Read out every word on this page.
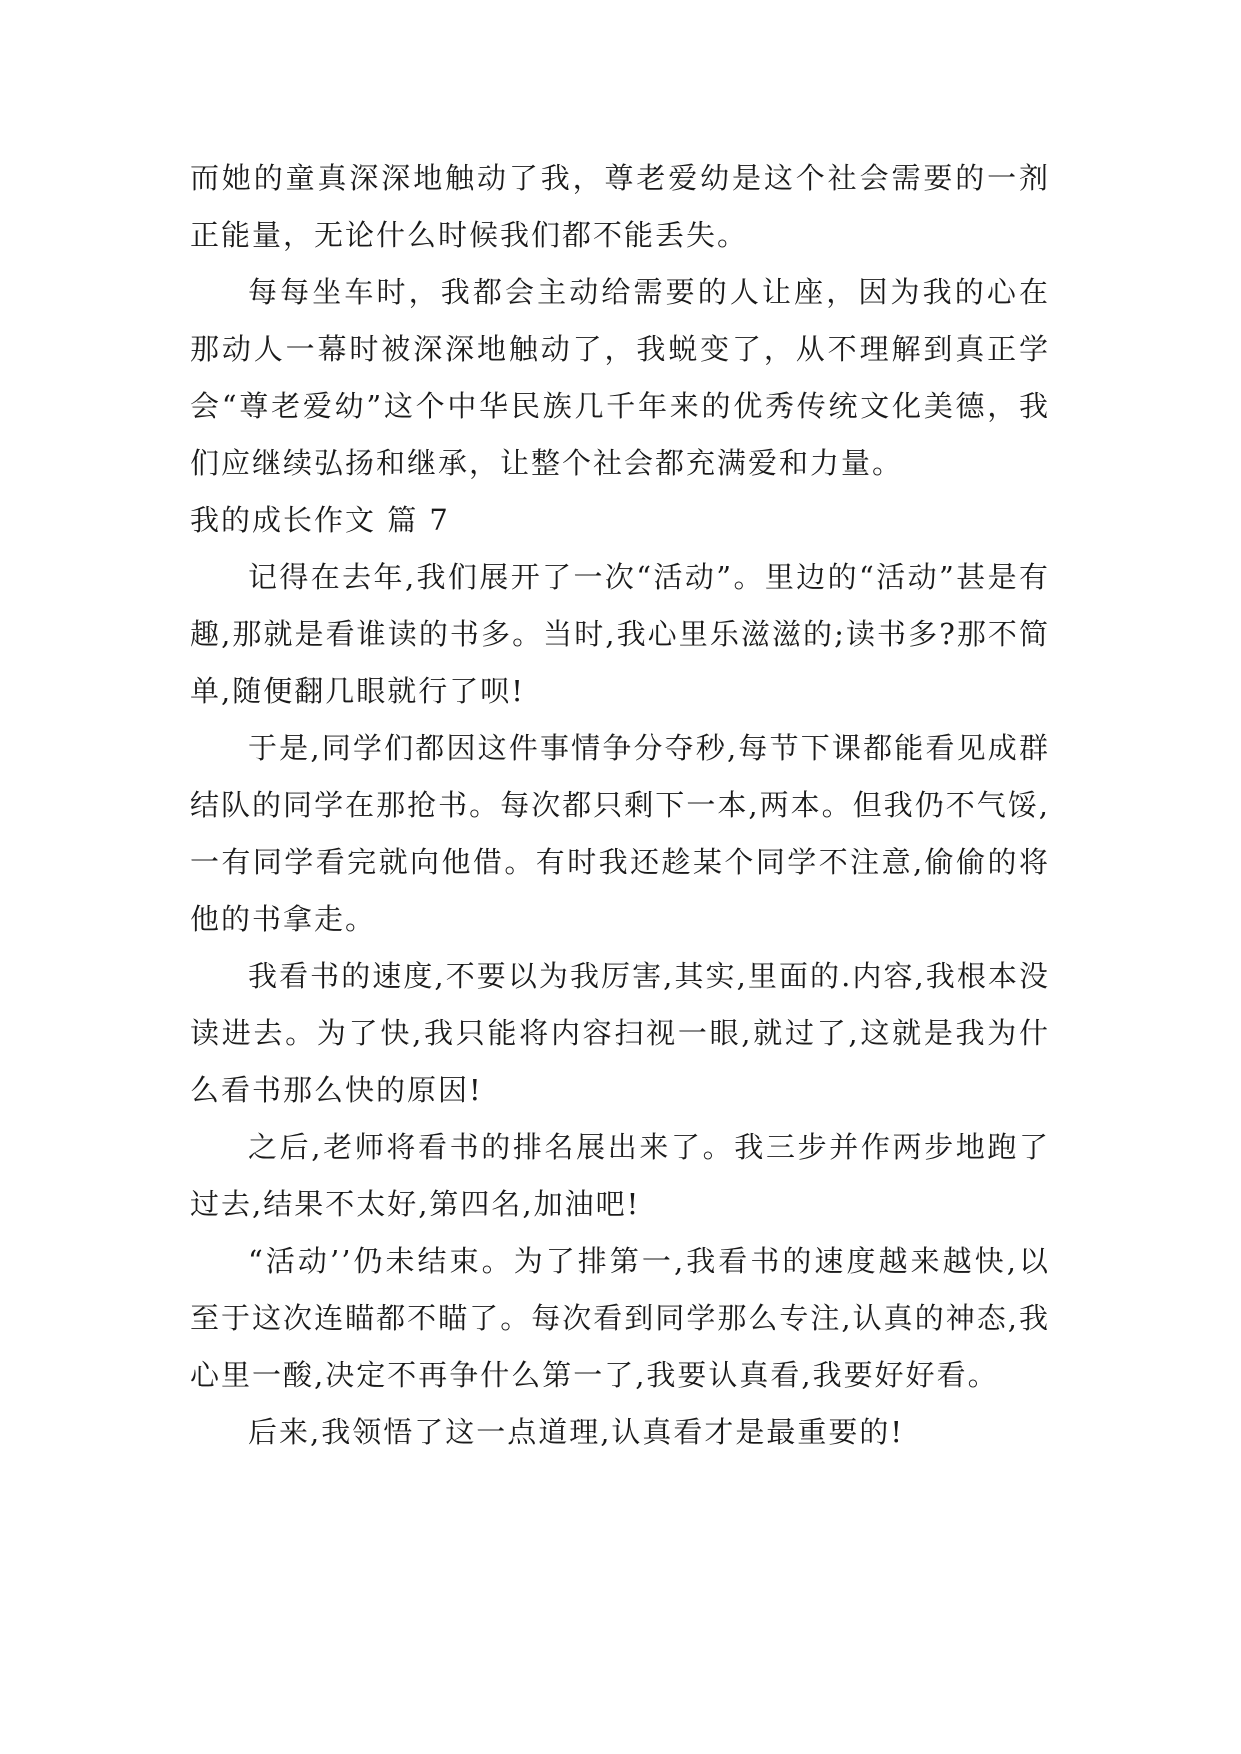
而她的童真深深地触动了我，尊老爱幼是这个社会需要的一剂正能量，无论什么时候我们都不能丢失。

每每坐车时，我都会主动给需要的人让座，因为我的心在那动人一幕时被深深地触动了，我蜕变了，从不理解到真正学会“尊老爱幼”这个中华民族几千年来的优秀传统文化美德，我们应继续弘扬和继承，让整个社会都充满爱和力量。

我的成长作文 篇 7

记得在去年,我们展开了一次“活动”。里边的“活动”甚是有趣,那就是看谁读的书多。当时,我心里乐滋滋的;读书多?那不简单,随便翻几眼就行了呗!

于是,同学们都因这件事情争分夺秒,每节下课都能看见成群结队的同学在那抢书。每次都只剩下一本,两本。但我仍不气馁,一有同学看完就向他借。有时我还趁某个同学不注意,偷偷的将他的书拿走。

我看书的速度,不要以为我厉害,其实,里面的.内容,我根本没读进去。为了快,我只能将内容扫视一眼,就过了,这就是我为什么看书那么快的原因!

之后,老师将看书的排名展出来了。我三步并作两步地跑了过去,结果不太好,第四名,加油吧!

“活动’’仍未结束。为了排第一,我看书的速度越来越快,以至于这次连瞄都不瞄了。每次看到同学那么专注,认真的神态,我心里一酸,决定不再争什么第一了,我要认真看,我要好好看。

后来,我领悟了这一点道理,认真看才是最重要的!
